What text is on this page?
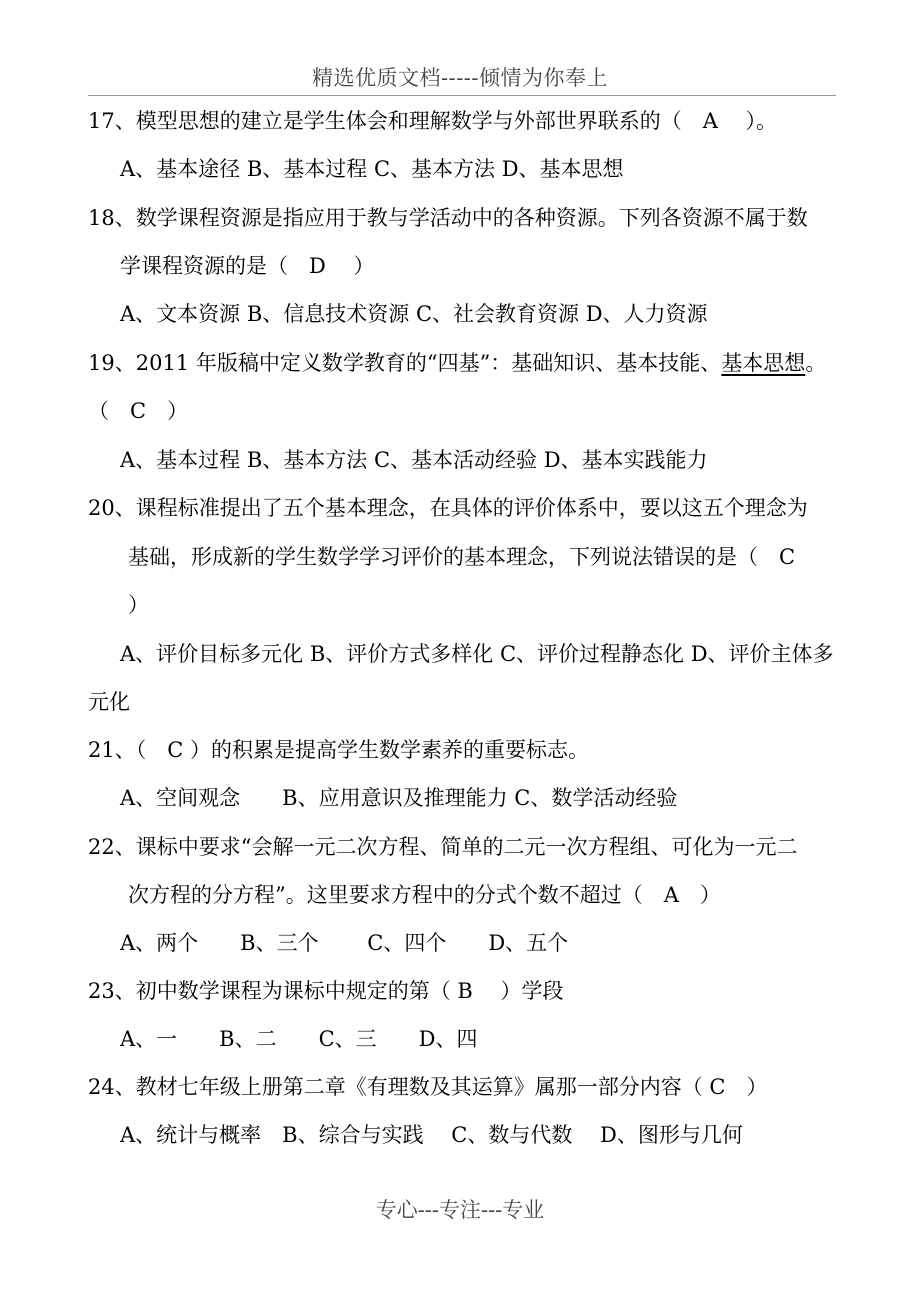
精选优质文档-----倾情为你奉上
17、模型思想的建立是学生体会和理解数学与外部世界联系的（　A　 ）。
A、基本途径 B、基本过程 C、基本方法 D、基本思想
18、数学课程资源是指应用于教与学活动中的各种资源。下列各资源不属于数
学课程资源的是（　D　 ）
A、文本资源 B、信息技术资源 C、社会教育资源 D、人力资源
19、2011 年版稿中定义数学教育的“四基”：基础知识、基本技能、基本思想。
（　C　）
A、基本过程 B、基本方法 C、基本活动经验 D、基本实践能力
20、课程标准提出了五个基本理念，在具体的评价体系中，要以这五个理念为
基础，形成新的学生数学学习评价的基本理念，下列说法错误的是（　C
）
A、评价目标多元化 B、评价方式多样化 C、评价过程静态化 D、评价主体多
元化
21、（　C ）的积累是提高学生数学素养的重要标志。
A、空间观念　　B、应用意识及推理能力 C、数学活动经验
22、课标中要求“会解一元二次方程、简单的二元一次方程组、可化为一元二
次方程的分方程”。这里要求方程中的分式个数不超过（　A　）
A、两个　　B、三个　　 C、四个　　D、五个
23、初中数学课程为课标中规定的第（ B　 ）学段
A、一　　B、二　　C、三　　D、四
24、教材七年级上册第二章《有理数及其运算》属那一部分内容（ C　）
A、统计与概率　B、综合与实践　 C、数与代数　 D、图形与几何
专心---专注---专业
